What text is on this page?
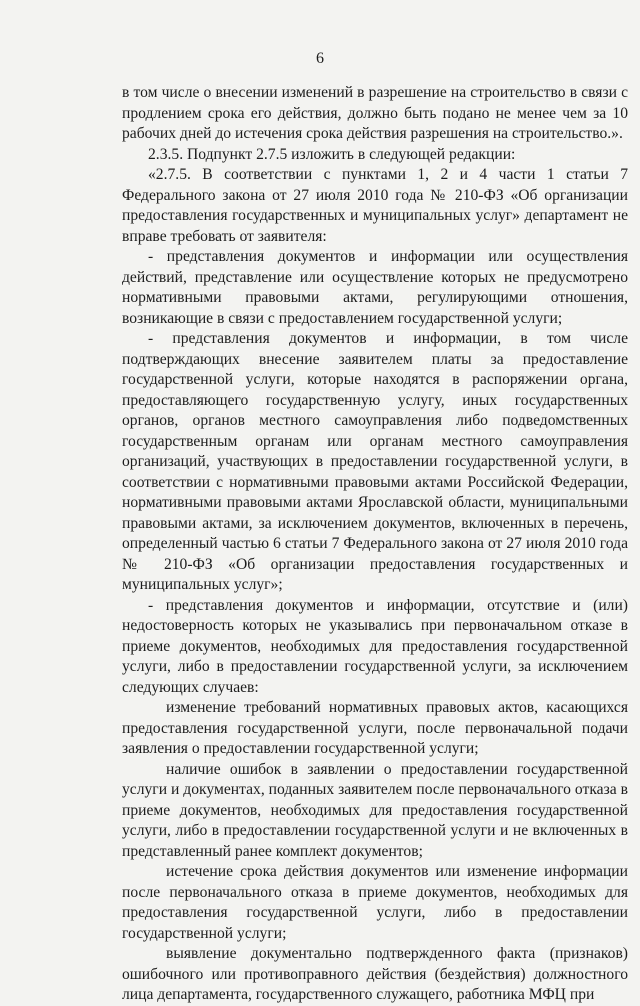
6

в том числе о внесении изменений в разрешение на строительство в связи с продлением срока его действия, должно быть подано не менее чем за 10 рабочих дней до истечения срока действия разрешения на строительство.».

2.3.5. Подпункт 2.7.5 изложить в следующей редакции:

«2.7.5. В соответствии с пунктами 1, 2 и 4 части 1 статьи 7 Федерального закона от 27 июля 2010 года № 210-ФЗ «Об организации предоставления государственных и муниципальных услуг» департамент не вправе требовать от заявителя:

- представления документов и информации или осуществления действий, представление или осуществление которых не предусмотрено нормативными правовыми актами, регулирующими отношения, возникающие в связи с предоставлением государственной услуги;

- представления документов и информации, в том числе подтверждающих внесение заявителем платы за предоставление государственной услуги, которые находятся в распоряжении органа, предоставляющего государственную услугу, иных государственных органов, органов местного самоуправления либо подведомственных государственным органам или органам местного самоуправления организаций, участвующих в предоставлении государственной услуги, в соответствии с нормативными правовыми актами Российской Федерации, нормативными правовыми актами Ярославской области, муниципальными правовыми актами, за исключением документов, включенных в перечень, определенный частью 6 статьи 7 Федерального закона от 27 июля 2010 года № 210-ФЗ «Об организации предоставления государственных и муниципальных услуг»;

- представления документов и информации, отсутствие и (или) недостоверность которых не указывались при первоначальном отказе в приеме документов, необходимых для предоставления государственной услуги, либо в предоставлении государственной услуги, за исключением следующих случаев:

изменение требований нормативных правовых актов, касающихся предоставления государственной услуги, после первоначальной подачи заявления о предоставлении государственной услуги;

наличие ошибок в заявлении о предоставлении государственной услуги и документах, поданных заявителем после первоначального отказа в приеме документов, необходимых для предоставления государственной услуги, либо в предоставлении государственной услуги и не включенных в представленный ранее комплект документов;

истечение срока действия документов или изменение информации после первоначального отказа в приеме документов, необходимых для предоставления государственной услуги, либо в предоставлении государственной услуги;

выявление документально подтвержденного факта (признаков) ошибочного или противоправного действия (бездействия) должностного лица департамента, государственного служащего, работника МФЦ при
